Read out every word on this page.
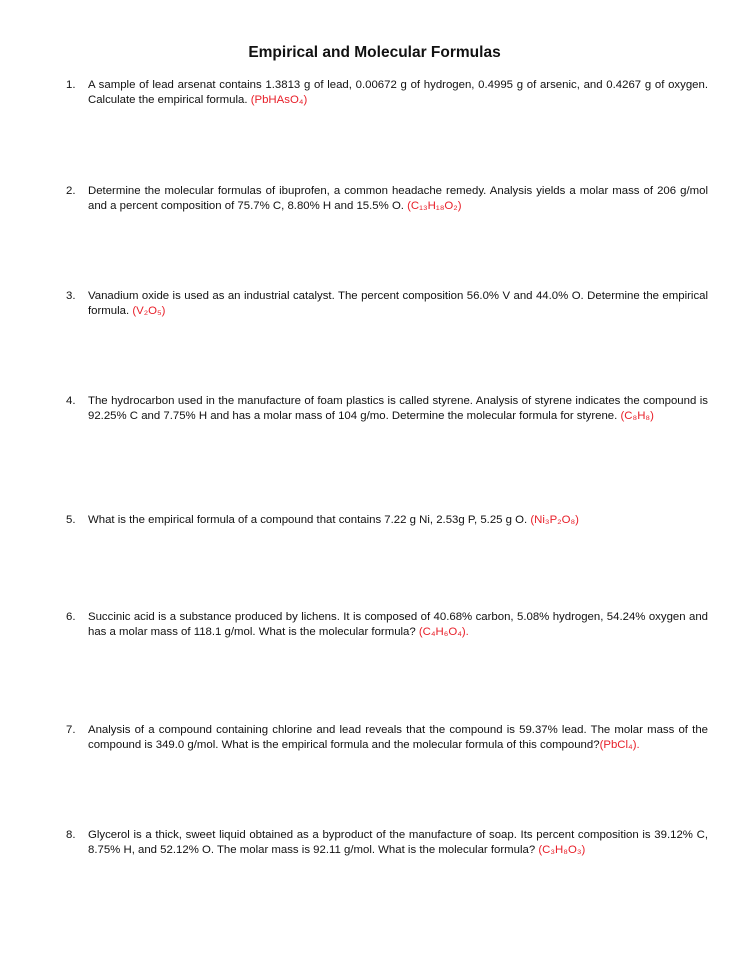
Empirical and Molecular Formulas
1. A sample of lead arsenat contains 1.3813 g of lead, 0.00672 g of hydrogen, 0.4995 g of arsenic, and 0.4267 g of oxygen. Calculate the empirical formula. (PbHAsO₄)
2. Determine the molecular formulas of ibuprofen, a common headache remedy. Analysis yields a molar mass of 206 g/mol and a percent composition of 75.7% C, 8.80% H and 15.5% O. (C₁₃H₁₈O₂)
3. Vanadium oxide is used as an industrial catalyst. The percent composition 56.0% V and 44.0% O. Determine the empirical formula. (V₂O₅)
4. The hydrocarbon used in the manufacture of foam plastics is called styrene. Analysis of styrene indicates the compound is 92.25% C and 7.75% H and has a molar mass of 104 g/mo. Determine the molecular formula for styrene. (C₈H₈)
5. What is the empirical formula of a compound that contains 7.22 g Ni, 2.53g P, 5.25 g O. (Ni₃P₂O₈)
6. Succinic acid is a substance produced by lichens. It is composed of 40.68% carbon, 5.08% hydrogen, 54.24% oxygen and has a molar mass of 118.1 g/mol. What is the molecular formula? (C₄H₆O₄).
7. Analysis of a compound containing chlorine and lead reveals that the compound is 59.37% lead. The molar mass of the compound is 349.0 g/mol. What is the empirical formula and the molecular formula of this compound?(PbCl₄).
8. Glycerol is a thick, sweet liquid obtained as a byproduct of the manufacture of soap. Its percent composition is 39.12% C, 8.75% H, and 52.12% O. The molar mass is 92.11 g/mol. What is the molecular formula? (C₃H₈O₃)
